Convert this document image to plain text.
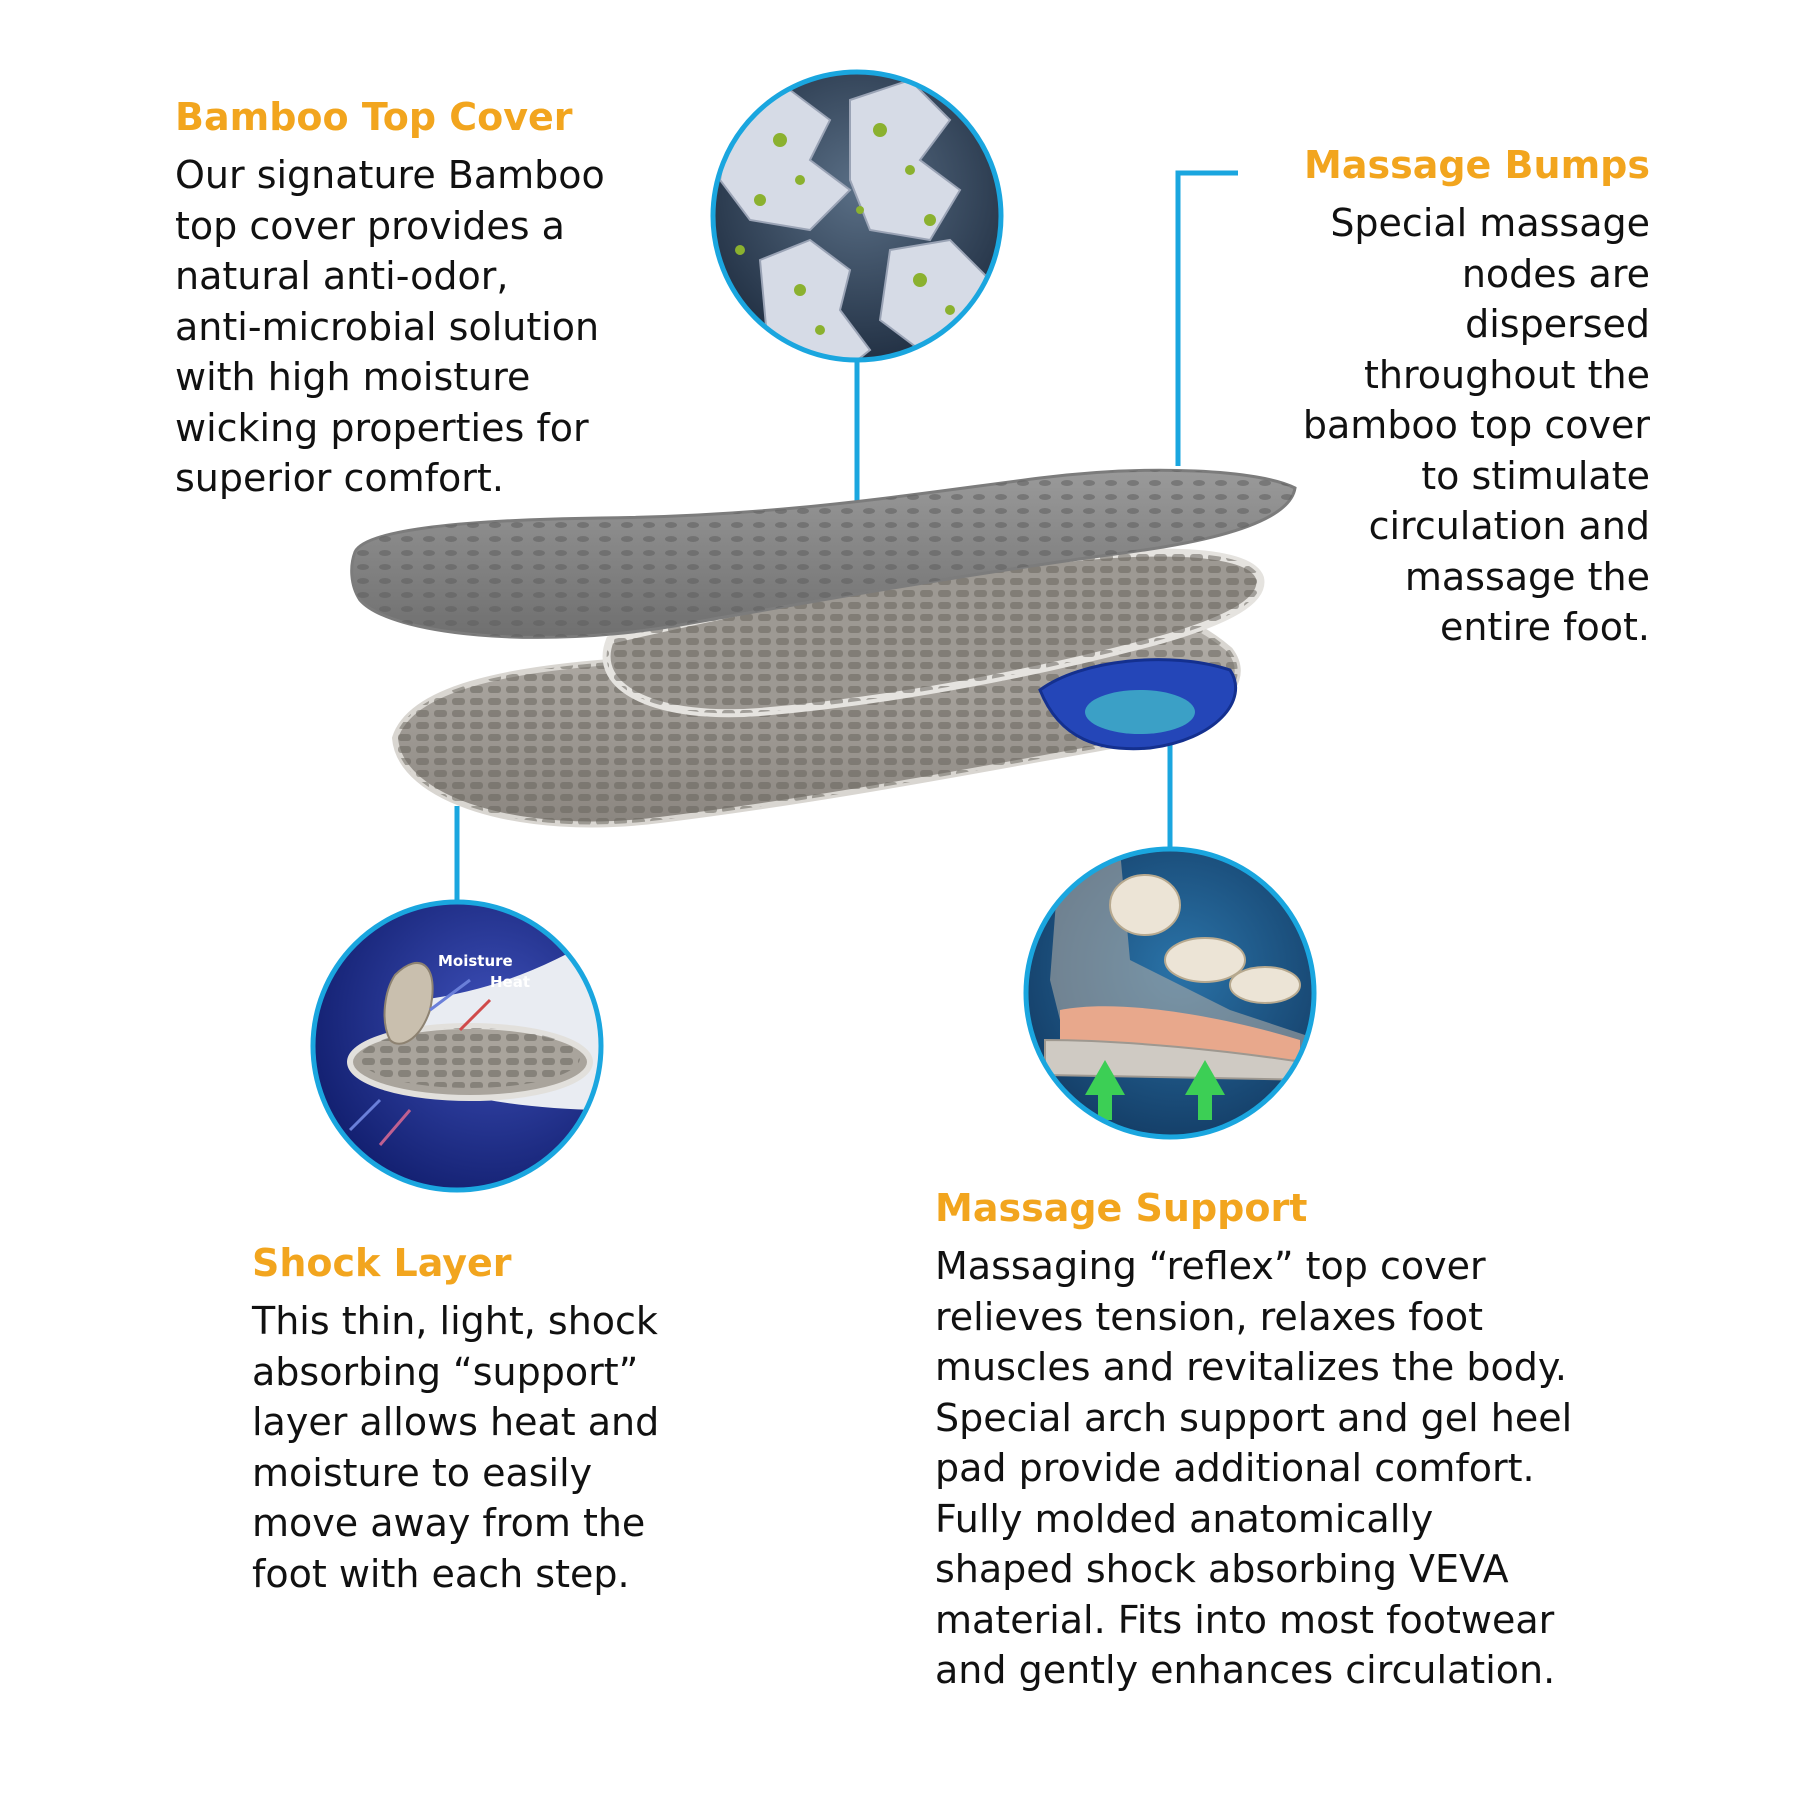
Moisture
Heat
Bamboo Top Cover

Our signature Bamboo
top cover provides a
natural anti-odor,
anti-microbial solution
with high moisture
wicking properties for
superior comfort.

Massage Bumps

Special massage
nodes are
dispersed
throughout the
bamboo top cover
to stimulate
circulation and
massage the
entire foot.

Shock Layer

This thin, light, shock
absorbing “support”
layer allows heat and
moisture to easily
move away from the
foot with each step.

Massage Support

Massaging “reflex” top cover
relieves tension, relaxes foot
muscles and revitalizes the body.
Special arch support and gel heel
pad provide additional comfort.
Fully molded anatomically
shaped shock absorbing VEVA
material. Fits into most footwear
and gently enhances circulation.
